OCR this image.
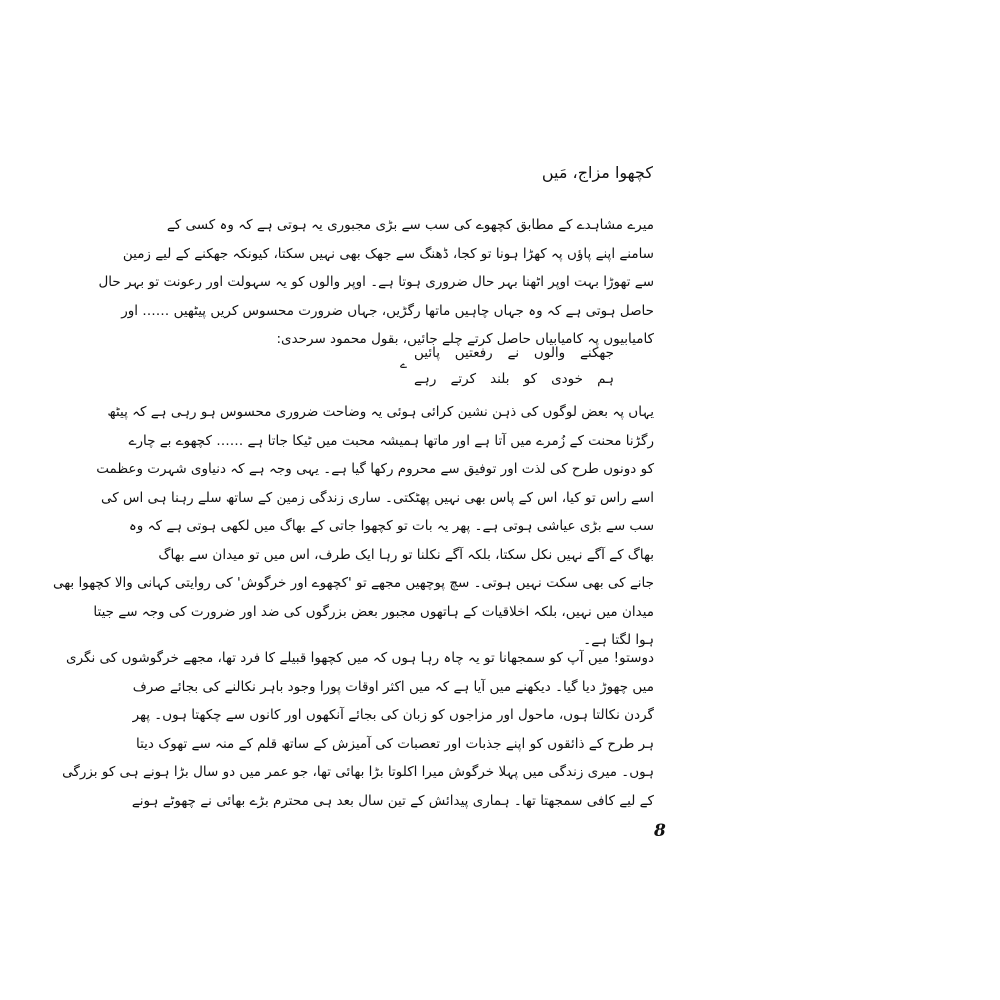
کچھوا مزاج، مَیں
میرے مشاہدے کے مطابق کچھوے کی سب سے بڑی مجبوری یہ ہوتی ہے کہ وہ کسی کے
سامنے اپنے پاؤں پہ کھڑا ہونا تو کجا، ڈھنگ سے جھک بھی نہیں سکتا، کیونکہ جھکنے کے لیے زمین
سے تھوڑا بہت اوپر اٹھنا بہر حال ضروری ہوتا ہے۔ اوپر والوں کو یہ سہولت اور رعونت تو بہر حال
حاصل ہوتی ہے کہ وہ جہاں چاہیں ماتھا رگڑیں، جہاں ضرورت محسوس کریں پیٹھیں …… اور
کامیابیوں پہ کامیابیاں حاصل کرتے چلے جائیں، بقول محمود سرحدی:
جھکنے والوں نے رفعتیں پائیں
ے
ہم خودی کو بلند کرتے رہے
یہاں پہ بعض لوگوں کی ذہن نشین کرائی ہوئی یہ وضاحت ضروری محسوس ہو رہی ہے کہ پیٹھ
رگڑنا محنت کے زُمرے میں آتا ہے اور ماتھا ہمیشہ محبت میں ٹیکا جاتا ہے …… کچھوے بے چارے
کو دونوں طرح کی لذت اور توفیق سے محروم رکھا گیا ہے۔ یہی وجہ ہے کہ دنیاوی شہرت وعظمت
اسے راس تو کیا، اس کے پاس بھی نہیں پھٹکتی۔ ساری زندگی زمین کے ساتھ سلے رہنا ہی اس کی
سب سے بڑی عیاشی ہوتی ہے۔ پھر یہ بات تو کچھوا جاتی کے بھاگ میں لکھی ہوتی ہے کہ وہ
بھاگ کے آگے نہیں نکل سکتا، بلکہ آگے نکلنا تو رہا ایک طرف، اس میں تو میدان سے بھاگ
جانے کی بھی سکت نہیں ہوتی۔ سچ پوچھیں مجھے تو 'کچھوے اور خرگوش' کی روایتی کہانی والا کچھوا بھی
میدان میں نہیں، بلکہ اخلاقیات کے ہاتھوں مجبور بعض بزرگوں کی ضد اور ضرورت کی وجہ سے جیتا
ہوا لگتا ہے۔
دوستو! میں آپ کو سمجھانا تو یہ چاہ رہا ہوں کہ میں کچھوا قبیلے کا فرد تھا، مجھے خرگوشوں کی نگری
میں چھوڑ دیا گیا۔ دیکھنے میں آیا ہے کہ میں اکثر اوقات پورا وجود باہر نکالنے کی بجائے صرف
گردن نکالتا ہوں، ماحول اور مزاجوں کو زبان کی بجائے آنکھوں اور کانوں سے چکھتا ہوں۔ پھر
ہر طرح کے ذائقوں کو اپنے جذبات اور تعصبات کی آمیزش کے ساتھ قلم کے منہ سے تھوک دیتا
ہوں۔ میری زندگی میں پہلا خرگوش میرا اکلوتا بڑا بھائی تھا، جو عمر میں دو سال بڑا ہونے ہی کو بزرگی
کے لیے کافی سمجھتا تھا۔ ہماری پیدائش کے تین سال بعد ہی محترم بڑے بھائی نے چھوٹے ہونے
8
